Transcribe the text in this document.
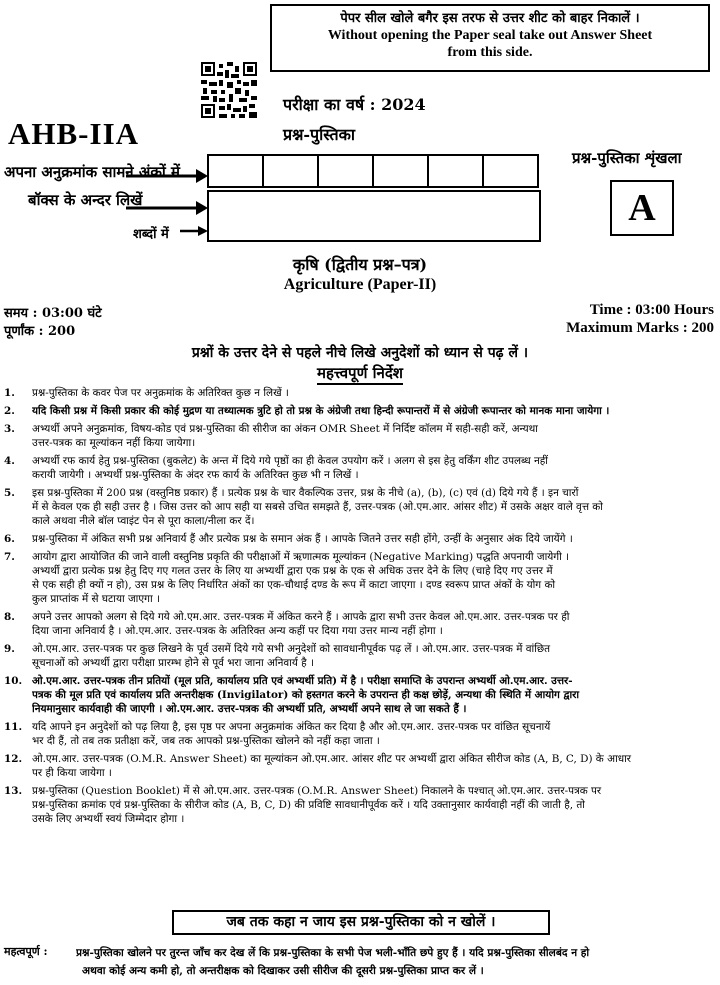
पेपर सील खोले बगैर इस तरफ से उत्तर शीट को बाहर निकालें ।
Without opening the Paper seal take out Answer Sheet
from this side.
परीक्षा का वर्ष : 2024
प्रश्न-पुस्तिका
AHB-IIA
प्रश्न-पुस्तिका शृंखला
A
अपना अनुक्रमांक सामने अंकों में
बॉक्स के अन्दर लिखें
शब्दों में
कृषि (द्वितीय प्रश्न–पत्र)
Agriculture (Paper-II)
समय : 03:00 घंटे
पूर्णांक : 200
Time : 03:00 Hours
Maximum Marks : 200
प्रश्नों के उत्तर देने से पहले नीचे लिखे अनुदेशों को ध्यान से पढ़ लें ।
महत्त्वपूर्ण निर्देश
1.	प्रश्न-पुस्तिका के कवर पेज पर अनुक्रमांक के अतिरिक्त कुछ न लिखें ।
2.	यदि किसी प्रश्न में किसी प्रकार की कोई मुद्रण या तथ्यात्मक त्रुटि हो तो प्रश्न के अंग्रेजी तथा हिन्दी रूपान्तरों में से अंग्रेजी रूपान्तर को मानक माना जायेगा ।
3.	अभ्यर्थी अपने अनुक्रमांक, विषय-कोड एवं प्रश्न-पुस्तिका की सीरीज का अंकन OMR Sheet में निर्दिष्ट कॉलम में सही-सही करें, अन्यथा
उत्तर-पत्रक का मूल्यांकन नहीं किया जायेगा।
4.	अभ्यर्थी रफ कार्य हेतु प्रश्न-पुस्तिका (बुकलेट) के अन्त में दिये गये पृष्ठों का ही केवल उपयोग करें । अलग से इस हेतु वर्किंग शीट उपलब्ध नहीं
करायी जायेगी । अभ्यर्थी प्रश्न-पुस्तिका के अंदर रफ कार्य के अतिरिक्त कुछ भी न लिखें ।
5.	इस प्रश्न-पुस्तिका में 200 प्रश्न (वस्तुनिष्ठ प्रकार) हैं । प्रत्येक प्रश्न के चार वैकल्पिक उत्तर, प्रश्न के नीचे (a), (b), (c) एवं (d) दिये गये हैं । इन चारों
में से केवल एक ही सही उत्तर है । जिस उत्तर को आप सही या सबसे उचित समझते हैं, उत्तर-पत्रक (ओ.एम.आर. आंसर शीट) में उसके अक्षर वाले वृत्त को
काले अथवा नीले बॉल प्वाइंट पेन से पूरा काला/नीला कर दें।
6.	प्रश्न-पुस्तिका में अंकित सभी प्रश्न अनिवार्य हैं और प्रत्येक प्रश्न के समान अंक हैं । आपके जितने उत्तर सही होंगे, उन्हीं के अनुसार अंक दिये जायेंगे ।
7.	आयोग द्वारा आयोजित की जाने वाली वस्तुनिष्ठ प्रकृति की परीक्षाओं में ऋणात्मक मूल्यांकन (Negative Marking) पद्धति अपनायी जायेगी ।
अभ्यर्थी द्वारा प्रत्येक प्रश्न हेतु दिए गए गलत उत्तर के लिए या अभ्यर्थी द्वारा एक प्रश्न के एक से अधिक उत्तर देने के लिए (चाहे दिए गए उत्तर में
से एक सही ही क्यों न हो), उस प्रश्न के लिए निर्धारित अंकों का एक-चौथाई दण्ड के रूप में काटा जाएगा । दण्ड स्वरूप प्राप्त अंकों के योग को
कुल प्राप्तांक में से घटाया जाएगा ।
8.	अपने उत्तर आपको अलग से दिये गये ओ.एम.आर. उत्तर-पत्रक में अंकित करने हैं । आपके द्वारा सभी उत्तर केवल ओ.एम.आर. उत्तर-पत्रक पर ही
दिया जाना अनिवार्य है । ओ.एम.आर. उत्तर-पत्रक के अतिरिक्त अन्य कहीं पर दिया गया उत्तर मान्य नहीं होगा ।
9.	ओ.एम.आर. उत्तर-पत्रक पर कुछ लिखने के पूर्व उसमें दिये गये सभी अनुदेशों को सावधानीपूर्वक पढ़ लें । ओ.एम.आर. उत्तर-पत्रक में वांछित
सूचनाओं को अभ्यर्थी द्वारा परीक्षा प्रारम्भ होने से पूर्व भरा जाना अनिवार्य है ।
10. ओ.एम.आर. उत्तर-पत्रक तीन प्रतियों (मूल प्रति, कार्यालय प्रति एवं अभ्यर्थी प्रति) में है । परीक्षा समाप्ति के उपरान्त अभ्यर्थी ओ.एम.आर. उत्तर-
पत्रक की मूल प्रति एवं कार्यालय प्रति अन्तरीक्षक (Invigilator) को हस्तगत करने के उपरान्त ही कक्ष छोड़ें, अन्यथा की स्थिति में आयोग द्वारा
नियमानुसार कार्यवाही की जाएगी । ओ.एम.आर. उत्तर-पत्रक की अभ्यर्थी प्रति, अभ्यर्थी अपने साथ ले जा सकते हैं ।
11. यदि आपने इन अनुदेशों को पढ़ लिया है, इस पृष्ठ पर अपना अनुक्रमांक अंकित कर दिया है और ओ.एम.आर. उत्तर-पत्रक पर वांछित सूचनायें
भर दी हैं, तो तब तक प्रतीक्षा करें, जब तक आपको प्रश्न-पुस्तिका खोलने को नहीं कहा जाता ।
12. ओ.एम.आर. उत्तर-पत्रक (O.M.R. Answer Sheet) का मूल्यांकन ओ.एम.आर. आंसर शीट पर अभ्यर्थी द्वारा अंकित सीरीज कोड (A, B, C, D) के आधार
पर ही किया जायेगा ।
13. प्रश्न-पुस्तिका (Question Booklet) में से ओ.एम.आर. उत्तर-पत्रक (O.M.R. Answer Sheet) निकालने के पश्चात् ओ.एम.आर. उत्तर-पत्रक पर
प्रश्न-पुस्तिका क्रमांक एवं प्रश्न-पुस्तिका के सीरीज कोड (A, B, C, D) की प्रविष्टि सावधानीपूर्वक करें । यदि उक्तानुसार कार्यवाही नहीं की जाती है, तो
उसके लिए अभ्यर्थी स्वयं जिम्मेदार होगा ।
जब तक कहा न जाय इस प्रश्न-पुस्तिका को न खोलें ।
महत्वपूर्ण :	प्रश्न-पुस्तिका खोलने पर तुरन्त जाँच कर देख लें कि प्रश्न-पुस्तिका के सभी पेज भली-भाँति छपे हुए हैं । यदि प्रश्न-पुस्तिका सीलबंद न हो
अथवा कोई अन्य कमी हो, तो अन्तरीक्षक को दिखाकर उसी सीरीज की दूसरी प्रश्न-पुस्तिका प्राप्त कर लें ।
